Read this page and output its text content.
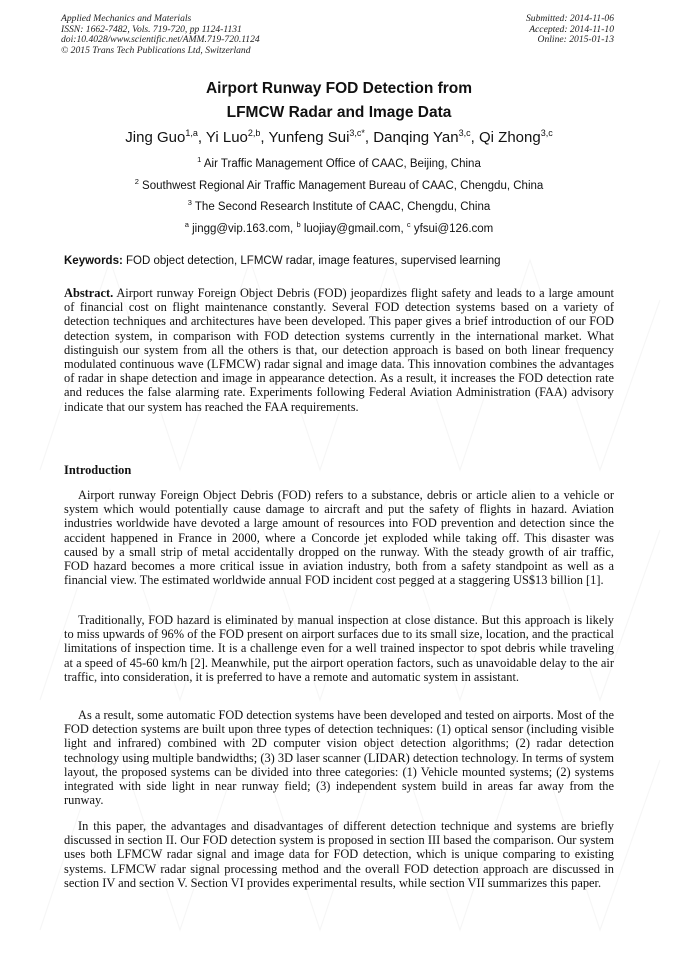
Applied Mechanics and Materials
ISSN: 1662-7482, Vols. 719-720, pp 1124-1131
doi:10.4028/www.scientific.net/AMM.719-720.1124
© 2015 Trans Tech Publications Ltd, Switzerland
Submitted: 2014-11-06
Accepted: 2014-11-10
Online: 2015-01-13
Airport Runway FOD Detection from
LFMCW Radar and Image Data
Jing Guo$^{1,a}$, Yi Luo$^{2,b}$, Yunfeng Sui$^{3,c*}$, Danqing Yan$^{3,c}$, Qi Zhong$^{3,c}$
$^1$ Air Traffic Management Office of CAAC, Beijing, China
$^2$ Southwest Regional Air Traffic Management Bureau of CAAC, Chengdu, China
$^3$ The Second Research Institute of CAAC, Chengdu, China
$^a$ jingg@vip.163.com, $^b$ luojiay@gmail.com, $^c$ yfsui@126.com
Keywords: FOD object detection, LFMCW radar, image features, supervised learning

Abstract. Airport runway Foreign Object Debris (FOD) jeopardizes flight safety and leads to a large amount of financial cost on flight maintenance constantly. Several FOD detection systems based on a variety of detection techniques and architectures have been developed. This paper gives a brief introduction of our FOD detection system, in comparison with FOD detection systems currently in the international market. What distinguish our system from all the others is that, our detection approach is based on both linear frequency modulated continuous wave (LFMCW) radar signal and image data. This innovation combines the advantages of radar in shape detection and image in appearance detection. As a result, it increases the FOD detection rate and reduces the false alarming rate. Experiments following Federal Aviation Administration (FAA) advisory indicate that our system has reached the FAA requirements.

Introduction

Airport runway Foreign Object Debris (FOD) refers to a substance, debris or article alien to a vehicle or system which would potentially cause damage to aircraft and put the safety of flights in hazard. Aviation industries worldwide have devoted a large amount of resources into FOD prevention and detection since the accident happened in France in 2000, where a Concorde jet exploded while taking off. This disaster was caused by a small strip of metal accidentally dropped on the runway. With the steady growth of air traffic, FOD hazard becomes a more critical issue in aviation industry, both from a safety standpoint as well as a financial view. The estimated worldwide annual FOD incident cost pegged at a staggering US$13 billion [1].

Traditionally, FOD hazard is eliminated by manual inspection at close distance. But this approach is likely to miss upwards of 96% of the FOD present on airport surfaces due to its small size, location, and the practical limitations of inspection time. It is a challenge even for a well trained inspector to spot debris while traveling at a speed of 45-60 km/h [2]. Meanwhile, put the airport operation factors, such as unavoidable delay to the air traffic, into consideration, it is preferred to have a remote and automatic system in assistant.

As a result, some automatic FOD detection systems have been developed and tested on airports. Most of the FOD detection systems are built upon three types of detection techniques: (1) optical sensor (including visible light and infrared) combined with 2D computer vision object detection algorithms; (2) radar detection technology using multiple bandwidths; (3) 3D laser scanner (LIDAR) detection technology. In terms of system layout, the proposed systems can be divided into three categories: (1) Vehicle mounted systems; (2) systems integrated with side light in near runway field; (3) independent system build in areas far away from the runway.

In this paper, the advantages and disadvantages of different detection technique and systems are briefly discussed in section II. Our FOD detection system is proposed in section III based the comparison. Our system uses both LFMCW radar signal and image data for FOD detection, which is unique comparing to existing systems. LFMCW radar signal processing method and the overall FOD detection approach are discussed in section IV and section V. Section VI provides experimental results, while section VII summarizes this paper.
